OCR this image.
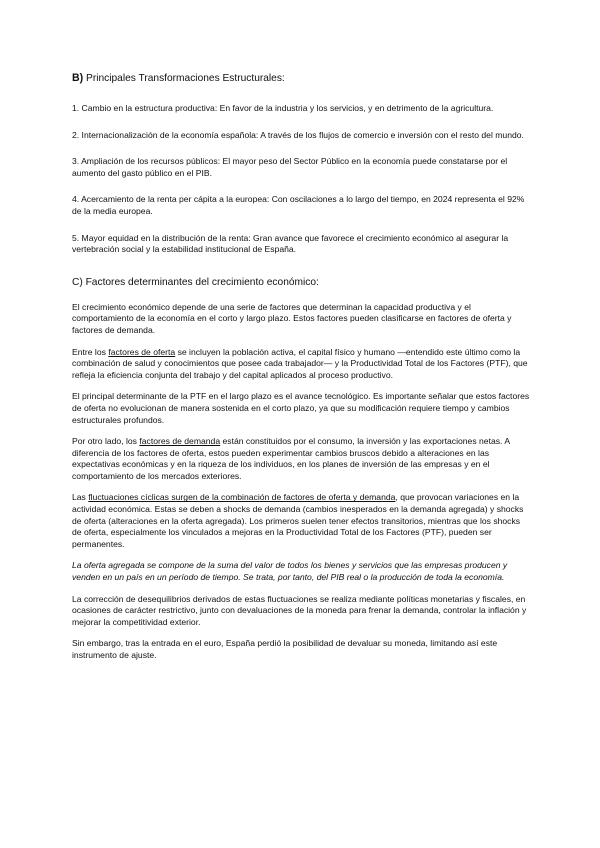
B) Principales Transformaciones Estructurales:
1. Cambio en la estructura productiva: En favor de la industria y los servicios, y en detrimento de la agricultura.
2. Internacionalización de la economía española: A través de los flujos de comercio e inversión con el resto del mundo.
3. Ampliación de los recursos públicos: El mayor peso del Sector Público en la economía puede constatarse por el aumento del gasto público en el PIB.
4. Acercamiento de la renta per cápita a la europea: Con oscilaciones a lo largo del tiempo, en 2024 representa el 92% de la media europea.
5. Mayor equidad en la distribución de la renta: Gran avance que favorece el crecimiento económico al asegurar la vertebración social y la estabilidad institucional de España.
C) Factores determinantes del crecimiento económico:
El crecimiento económico depende de una serie de factores que determinan la capacidad productiva y el comportamiento de la economía en el corto y largo plazo. Estos factores pueden clasificarse en factores de oferta y factores de demanda.
Entre los factores de oferta se incluyen la población activa, el capital físico y humano —entendido este último como la combinación de salud y conocimientos que posee cada trabajador— y la Productividad Total de los Factores (PTF), que refleja la eficiencia conjunta del trabajo y del capital aplicados al proceso productivo.
El principal determinante de la PTF en el largo plazo es el avance tecnológico. Es importante señalar que estos factores de oferta no evolucionan de manera sostenida en el corto plazo, ya que su modificación requiere tiempo y cambios estructurales profundos.
Por otro lado, los factores de demanda están constituidos por el consumo, la inversión y las exportaciones netas. A diferencia de los factores de oferta, estos pueden experimentar cambios bruscos debido a alteraciones en las expectativas económicas y en la riqueza de los individuos, en los planes de inversión de las empresas y en el comportamiento de los mercados exteriores.
Las fluctuaciones cíclicas surgen de la combinación de factores de oferta y demanda, que provocan variaciones en la actividad económica. Estas se deben a shocks de demanda (cambios inesperados en la demanda agregada) y shocks de oferta (alteraciones en la oferta agregada). Los primeros suelen tener efectos transitorios, mientras que los shocks de oferta, especialmente los vinculados a mejoras en la Productividad Total de los Factores (PTF), pueden ser permanentes.
La oferta agregada se compone de la suma del valor de todos los bienes y servicios que las empresas producen y venden en un país en un período de tiempo. Se trata, por tanto, del PIB real o la producción de toda la economía.
La corrección de desequilibrios derivados de estas fluctuaciones se realiza mediante políticas monetarias y fiscales, en ocasiones de carácter restrictivo, junto con devaluaciones de la moneda para frenar la demanda, controlar la inflación y mejorar la competitividad exterior.
Sin embargo, tras la entrada en el euro, España perdió la posibilidad de devaluar su moneda, limitando así este instrumento de ajuste.
